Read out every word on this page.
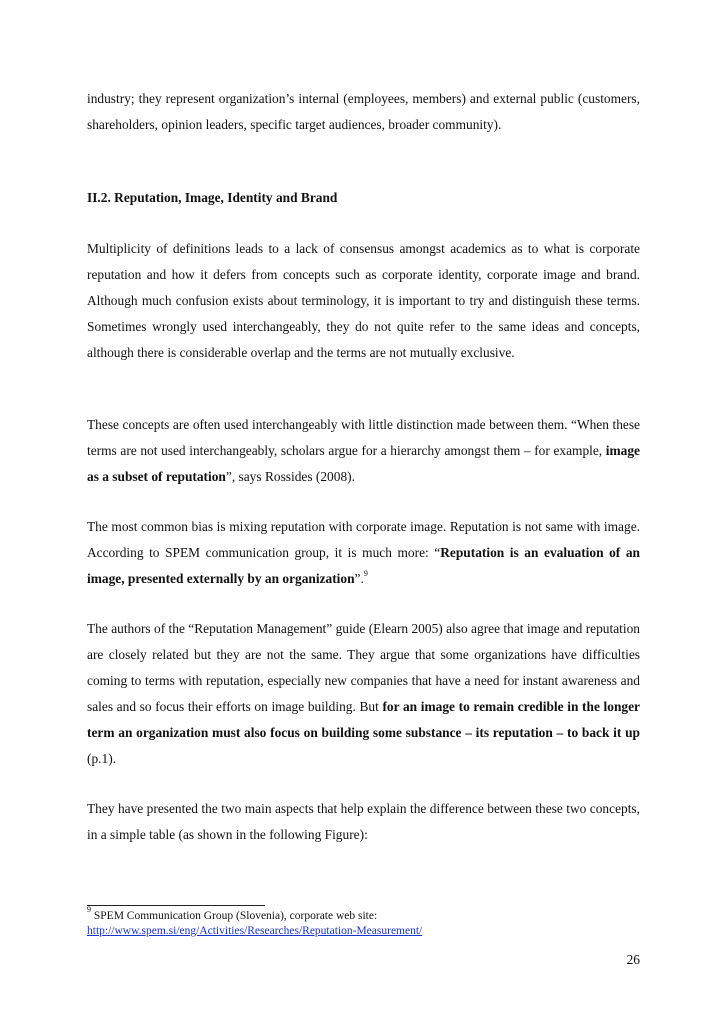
industry; they represent organization’s internal (employees, members) and external public (customers, shareholders, opinion leaders, specific target audiences, broader community).

II.2. Reputation, Image, Identity and Brand

Multiplicity of definitions leads to a lack of consensus amongst academics as to what is corporate reputation and how it defers from concepts such as corporate identity, corporate image and brand. Although much confusion exists about terminology, it is important to try and distinguish these terms. Sometimes wrongly used interchangeably, they do not quite refer to the same ideas and concepts, although there is considerable overlap and the terms are not mutually exclusive.

These concepts are often used interchangeably with little distinction made between them. “When these terms are not used interchangeably, scholars argue for a hierarchy amongst them – for example, image as a subset of reputation”, says Rossides (2008).

The most common bias is mixing reputation with corporate image. Reputation is not same with image. According to SPEM communication group, it is much more: “Reputation is an evaluation of an image, presented externally by an organization”.$^9$

The authors of the “Reputation Management” guide (Elearn 2005) also agree that image and reputation are closely related but they are not the same. They argue that some organizations have difficulties coming to terms with reputation, especially new companies that have a need for instant awareness and sales and so focus their efforts on image building. But for an image to remain credible in the longer term an organization must also focus on building some substance – its reputation – to back it up (p.1).

They have presented the two main aspects that help explain the difference between these two concepts, in a simple table (as shown in the following Figure):

$^9$ SPEM Communication Group (Slovenia), corporate web site:
http://www.spem.si/eng/Activities/Researches/Reputation-Measurement/
26
